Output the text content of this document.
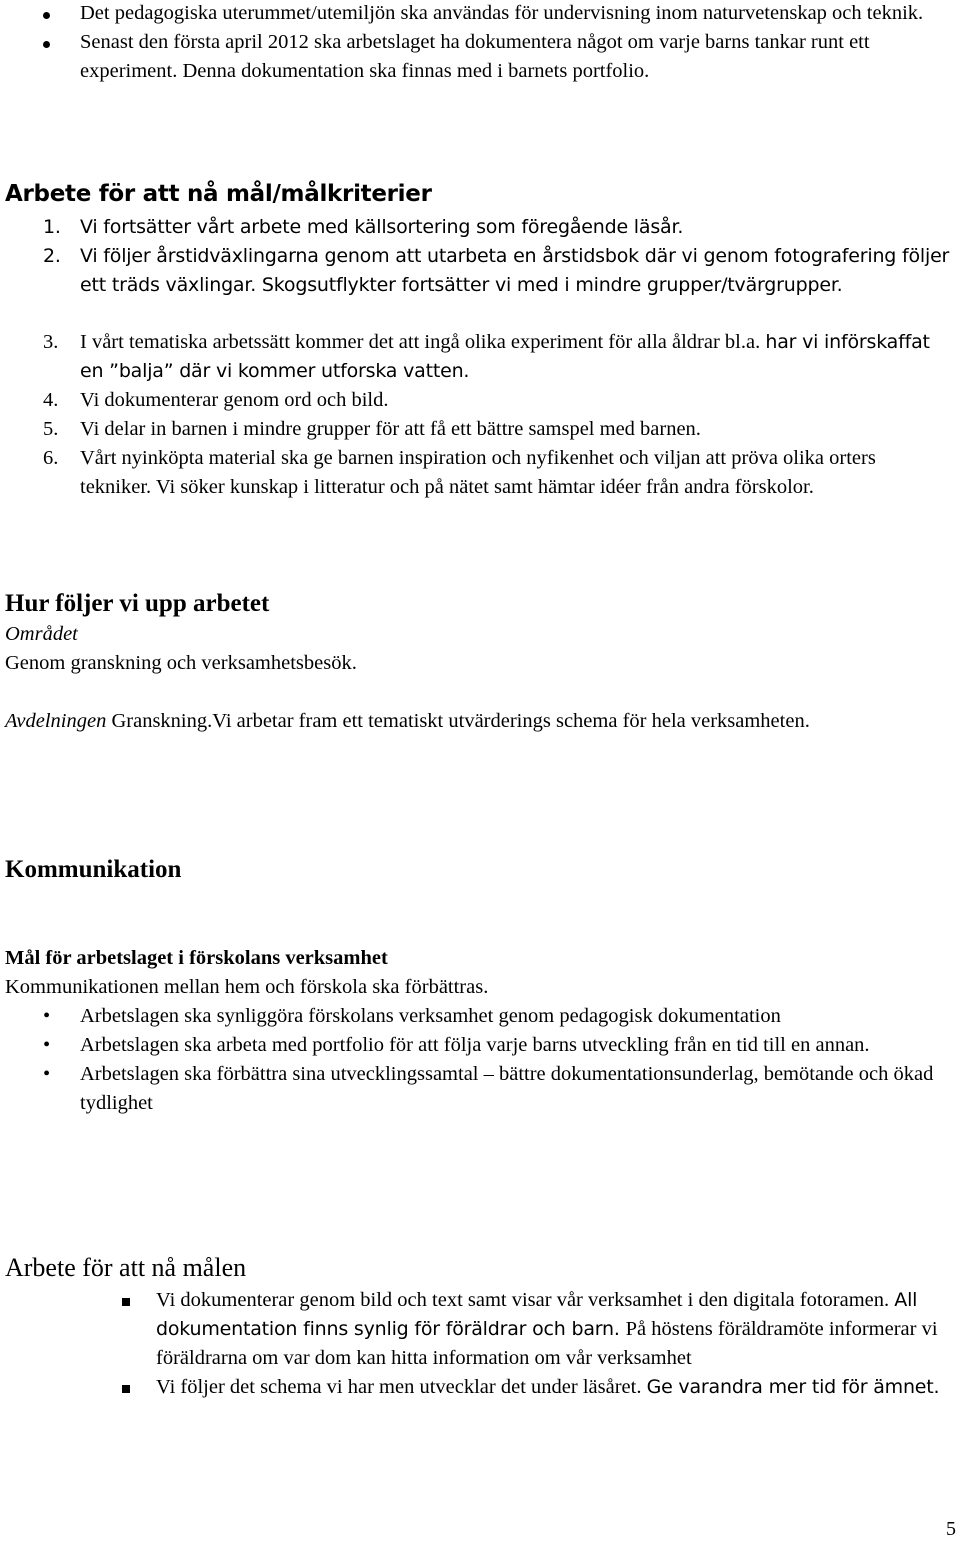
Det pedagogiska uterummet/utemiljön ska användas för undervisning inom naturvetenskap och teknik.
Senast den första april 2012 ska arbetslaget ha dokumentera något om varje barns tankar runt ett experiment. Denna dokumentation ska finnas med i barnets portfolio.
Arbete för att nå mål/målkriterier
1. Vi fortsätter vårt arbete med källsortering som föregående läsår.
2. Vi följer årstidväxlingarna genom att utarbeta en årstidsbok där vi genom fotografering följer ett träds växlingar. Skogsutflykter fortsätter vi med i mindre grupper/tvärgrupper.
3. I vårt tematiska arbetssätt kommer det att ingå olika experiment för alla åldrar bl.a. har vi införskaffat en ”balja” där vi kommer utforska vatten.
4. Vi dokumenterar genom ord och bild.
5. Vi delar in barnen i mindre grupper för att få ett bättre samspel med barnen.
6. Vårt nyinköpta material ska ge barnen inspiration och nyfikenhet och viljan att pröva olika orters tekniker. Vi söker kunskap i litteratur och på nätet samt hämtar idéer från andra förskolor.
Hur följer vi upp arbetet

Området

Genom granskning och verksamhetsbesök.

Avdelningen Granskning.Vi arbetar fram ett tematiskt utvärderings schema för hela verksamheten.

Kommunikation

Mål för arbetslaget i förskolans verksamhet

Kommunikationen mellan hem och förskola ska förbättras.

• Arbetslagen ska synliggöra förskolans verksamhet genom pedagogisk dokumentation
• Arbetslagen ska arbeta med portfolio för att följa varje barns utveckling från en tid till en annan.
• Arbetslagen ska förbättra sina utvecklingssamtal – bättre dokumentationsunderlag, bemötande och ökad tydlighet
Arbete för att nå målen
Vi dokumenterar genom bild och text samt visar vår verksamhet i den digitala fotoramen. All dokumentation finns synlig för föräldrar och barn. På höstens föräldramöte informerar vi föräldrarna om var dom kan hitta information om vår verksamhet
Vi följer det schema vi har men utvecklar det under läsåret. Ge varandra mer tid för ämnet.
5
